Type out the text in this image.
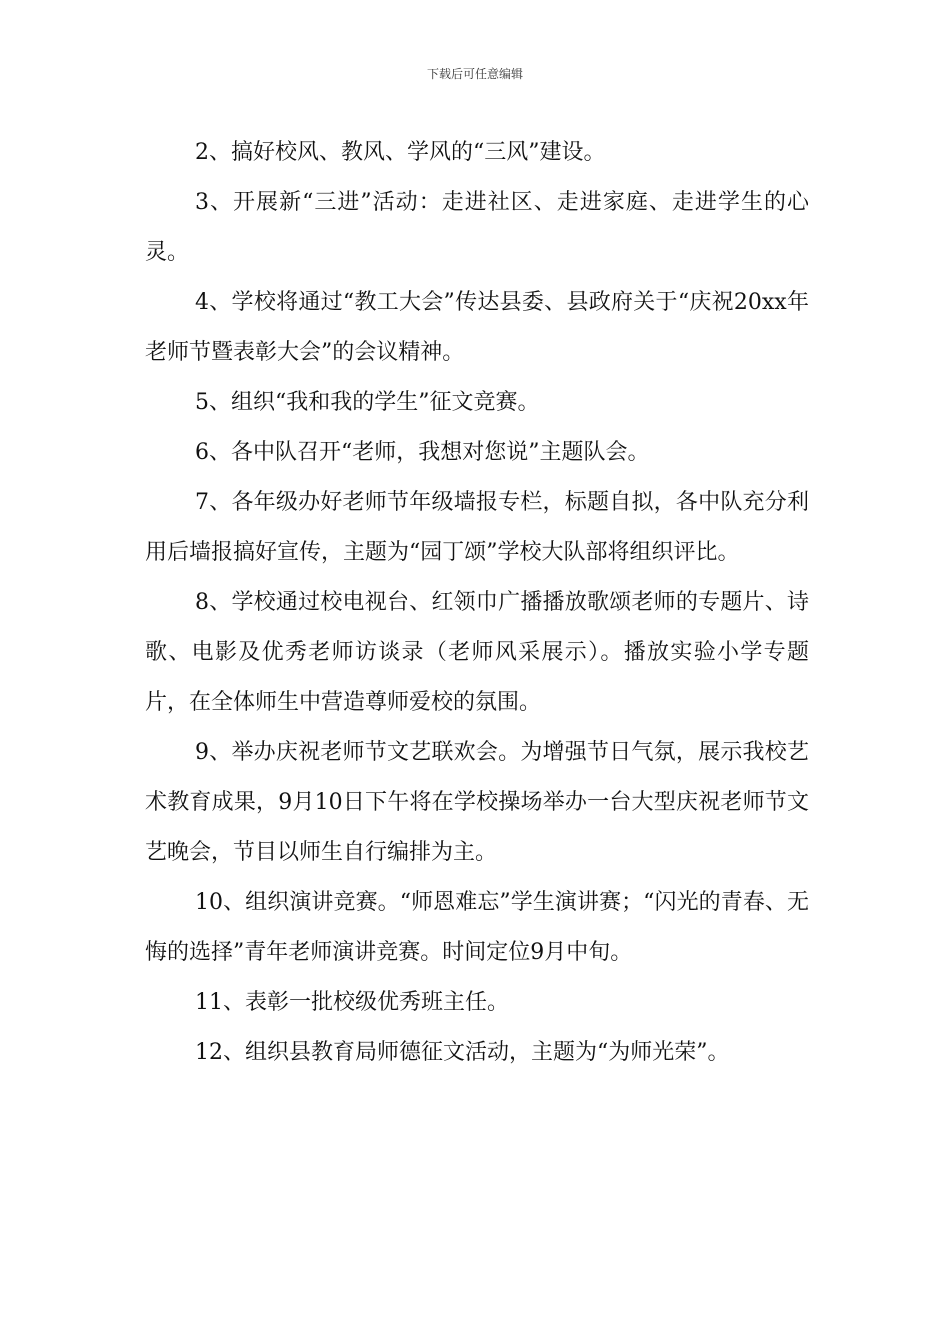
下载后可任意编辑

2、搞好校风、教风、学风的“三风”建设。

3、开展新“三进”活动：走进社区、走进家庭、走进学生的心灵。

4、学校将通过“教工大会”传达县委、县政府关于“庆祝20xx年老师节暨表彰大会”的会议精神。

5、组织“我和我的学生”征文竞赛。

6、各中队召开“老师，我想对您说”主题队会。

7、各年级办好老师节年级墙报专栏，标题自拟，各中队充分利用后墙报搞好宣传，主题为“园丁颂”学校大队部将组织评比。

8、学校通过校电视台、红领巾广播播放歌颂老师的专题片、诗歌、电影及优秀老师访谈录（老师风采展示）。播放实验小学专题片，在全体师生中营造尊师爱校的氛围。

9、举办庆祝老师节文艺联欢会。为增强节日气氛，展示我校艺术教育成果，9月10日下午将在学校操场举办一台大型庆祝老师节文艺晚会，节目以师生自行编排为主。

10、组织演讲竞赛。“师恩难忘”学生演讲赛；“闪光的青春、无悔的选择”青年老师演讲竞赛。时间定位9月中旬。

11、表彰一批校级优秀班主任。

12、组织县教育局师德征文活动，主题为“为师光荣”。
